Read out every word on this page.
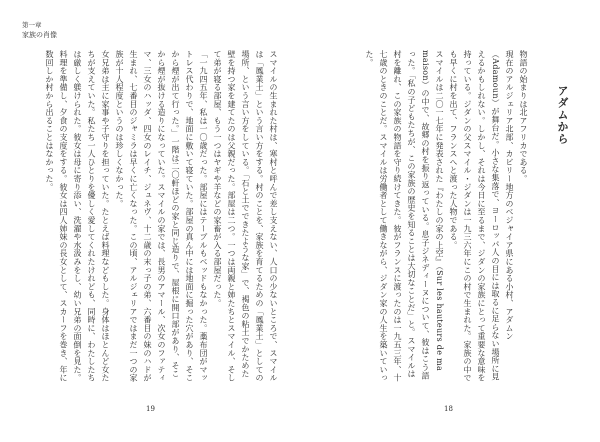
第一章
家族の肖像
スマイルの生まれた村は、寒村と呼んで差し支えない、人口の少ないところで、スマイルは「鳳業土」という言い方をする。村のことを、家族を育てるための「鳳業土」としての場所、という言い方をしている。「石と土でできたような家」で、褐色の粘土でかためた壁を持つ家を建てたのは父親だった。部屋は二つ。一つは両親と姉たちとスマイル、そして弟が寝る部屋、もう一つはヤギや羊などの家畜が入る部屋だった。
「一九四五年、私は一〇歳だった。部屋にはテーブルもベッドもなかった。藁布団がマットレス代わりで、地面に敷いて寝ていた。部屋の真ん中には地面に掘った穴があり、そこから煙が出て行った。」一階は二〇軒ほどの家と同じ造りで、屋根に開口部があり、そこから煙が抜ける造りになっていた。スマイルの家では、長男のアマール、次女のファティマ、三女のハッダ、四女のレイチ、ジュネヴ、十二歳の末っ子の弟、六番目の妹のハドが生まれ、七番目のジャミラは早くに亡くなった。この頃、アルジェリアではまだ一つの家族が十人程度というのは珍しくなかった。
女兄弟は主に家事や子守りを担っていた。たとえば料理などもした。身体はほとんど女たちが支えていた。私たち一人ひとりを優しく愛してくれたけれども、同時に、わたしたちは厳しく躾けられた。彼女は母に寄り添い、洗濯や水汲みをし、幼い兄弟の面倒を見た。料理を準備し、夕食の支度をする。彼女は四人姉妹の長女として、スカーフを巻き、年に数回しか村から出ることはなかった。
19
アダムから
物語の始まりは北アフリカである。
現在のアルジェリア北部、カビリー地方のベジャイア県にある小村、アダムン（Adamoun）が舞台だ。小さな集落で、ヨーロッパ人の目には取るに足らない場所に見えるかもしれない。しかし、それは今日に至るまで、ジダンの家族にとって重要な意味を持っている。ジダンの父スマイル・ジダンは一九三六年にこの村で生まれた。家族の中でも早くに村を出て、フランスへと渡った人物である。
スマイルは二〇一七年に発表された『わたしの家の上空』（Sur les hauteurs de ma maison）の中で、故郷の村を振り返っている。息子ジネディーヌについて、彼はこう語った。「私の子どもたちが、この家族の歴史を知ることは大切なことだ」と。スマイルは村を離れ、この家族の物語を守り続けてきた。彼がフランスに渡ったのは一九五三年、十七歳のときのことだ。スマイルは労働者として働きながら、ジダン家の人生を築いていった。
18
